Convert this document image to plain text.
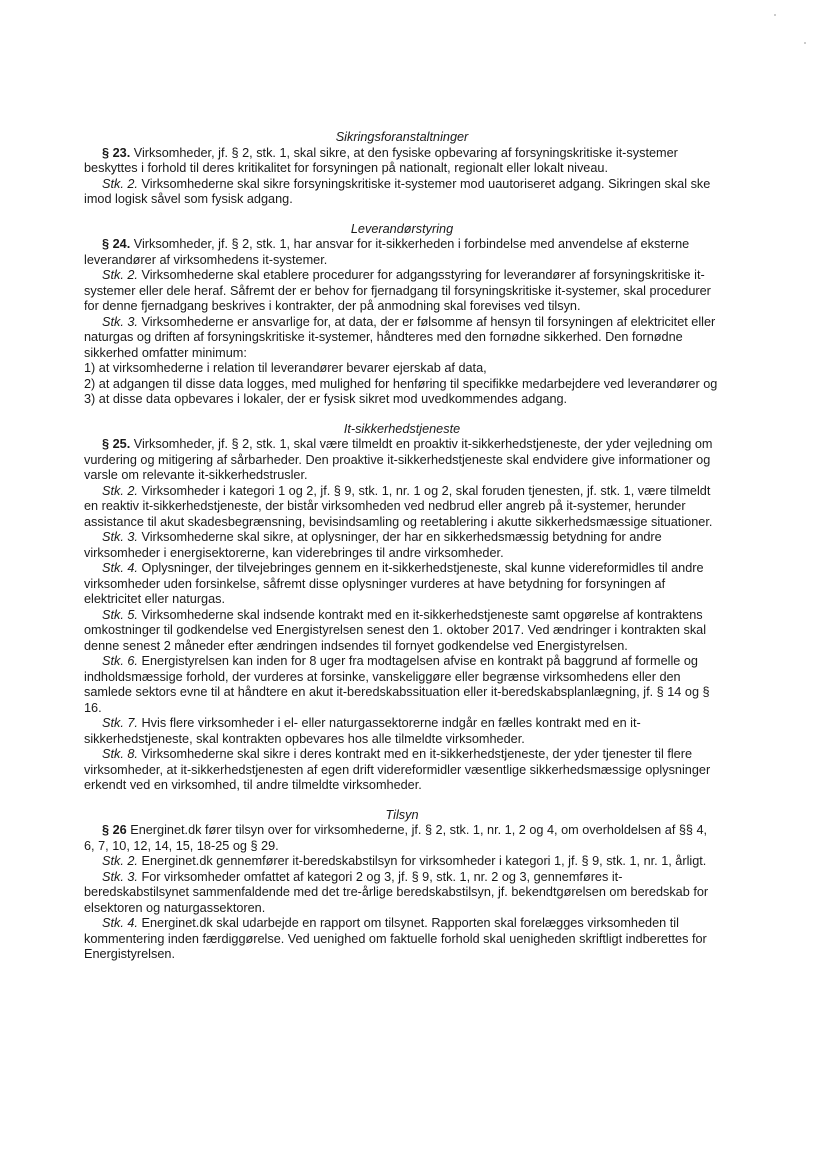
Sikringsforanstaltninger

§ 23. Virksomheder, jf. § 2, stk. 1, skal sikre, at den fysiske opbevaring af forsyningskritiske it-systemer beskyttes i forhold til deres kritikalitet for forsyningen på nationalt, regionalt eller lokalt niveau.

Stk. 2. Virksomhederne skal sikre forsyningskritiske it-systemer mod uautoriseret adgang. Sikringen skal ske imod logisk såvel som fysisk adgang.

Leverandørstyring

§ 24. Virksomheder, jf. § 2, stk. 1, har ansvar for it-sikkerheden i forbindelse med anvendelse af eksterne leverandører af virksomhedens it-systemer.

Stk. 2. Virksomhederne skal etablere procedurer for adgangsstyring for leverandører af forsyningskritiske it-systemer eller dele heraf. Såfremt der er behov for fjernadgang til forsyningskritiske it-systemer, skal procedurer for denne fjernadgang beskrives i kontrakter, der på anmodning skal forevises ved tilsyn.

Stk. 3. Virksomhederne er ansvarlige for, at data, der er følsomme af hensyn til forsyningen af elektricitet eller naturgas og driften af forsyningskritiske it-systemer, håndteres med den fornødne sikkerhed. Den fornødne sikkerhed omfatter minimum:

1) at virksomhederne i relation til leverandører bevarer ejerskab af data,

2) at adgangen til disse data logges, med mulighed for henføring til specifikke medarbejdere ved leverandører og

3) at disse data opbevares i lokaler, der er fysisk sikret mod uvedkommendes adgang.

It-sikkerhedstjeneste

§ 25. Virksomheder, jf. § 2, stk. 1, skal være tilmeldt en proaktiv it-sikkerhedstjeneste, der yder vejledning om vurdering og mitigering af sårbarheder. Den proaktive it-sikkerhedstjeneste skal endvidere give informationer og varsle om relevante it-sikkerhedstrusler.

Stk. 2. Virksomheder i kategori 1 og 2, jf. § 9, stk. 1, nr. 1 og 2, skal foruden tjenesten, jf. stk. 1, være tilmeldt en reaktiv it-sikkerhedstjeneste, der bistår virksomheden ved nedbrud eller angreb på it-systemer, herunder assistance til akut skadesbegrænsning, bevisindsamling og reetablering i akutte sikkerhedsmæssige situationer.

Stk. 3. Virksomhederne skal sikre, at oplysninger, der har en sikkerhedsmæssig betydning for andre virksomheder i energisektorerne, kan viderebringes til andre virksomheder.

Stk. 4. Oplysninger, der tilvejebringes gennem en it-sikkerhedstjeneste, skal kunne videreformidles til andre virksomheder uden forsinkelse, såfremt disse oplysninger vurderes at have betydning for forsyningen af elektricitet eller naturgas.

Stk. 5. Virksomhederne skal indsende kontrakt med en it-sikkerhedstjeneste samt opgørelse af kontraktens omkostninger til godkendelse ved Energistyrelsen senest den 1. oktober 2017. Ved ændringer i kontrakten skal denne senest 2 måneder efter ændringen indsendes til fornyet godkendelse ved Energistyrelsen.

Stk. 6. Energistyrelsen kan inden for 8 uger fra modtagelsen afvise en kontrakt på baggrund af formelle og indholdsmæssige forhold, der vurderes at forsinke, vanskeliggøre eller begrænse virksomhedens eller den samlede sektors evne til at håndtere en akut it-beredskabssituation eller it-beredskabsplanlægning, jf. § 14 og § 16.

Stk. 7. Hvis flere virksomheder i el- eller naturgassektorerne indgår en fælles kontrakt med en it-sikkerhedstjeneste, skal kontrakten opbevares hos alle tilmeldte virksomheder.

Stk. 8. Virksomhederne skal sikre i deres kontrakt med en it-sikkerhedstjeneste, der yder tjenester til flere virksomheder, at it-sikkerhedstjenesten af egen drift videreformidler væsentlige sikkerhedsmæssige oplysninger erkendt ved en virksomhed, til andre tilmeldte virksomheder.

Tilsyn

§ 26 Energinet.dk fører tilsyn over for virksomhederne, jf. § 2, stk. 1, nr. 1, 2 og 4, om overholdelsen af §§ 4, 6, 7, 10, 12, 14, 15, 18-25 og § 29.

Stk. 2. Energinet.dk gennemfører it-beredskabstilsyn for virksomheder i kategori 1, jf. § 9, stk. 1, nr. 1, årligt.

Stk. 3. For virksomheder omfattet af kategori 2 og 3, jf. § 9, stk. 1, nr. 2 og 3, gennemføres it-beredskabstilsynet sammenfaldende med det tre-årlige beredskabstilsyn, jf. bekendtgørelsen om beredskab for elsektoren og naturgassektoren.

Stk. 4. Energinet.dk skal udarbejde en rapport om tilsynet. Rapporten skal forelægges virksomheden til kommentering inden færdiggørelse. Ved uenighed om faktuelle forhold skal uenigheden skriftligt indberettes for Energistyrelsen.
